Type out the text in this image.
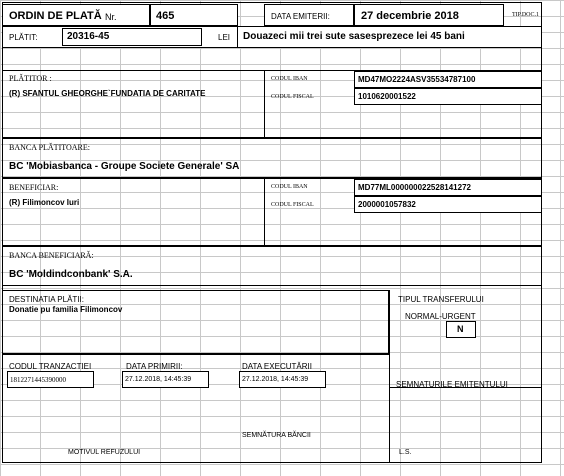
ORDIN DE PLATĂ Nr.	465	DATA EMITERII:	27 decembrie 2018	TIP.DOC.1
PLĂTIT:	20316-45	LEI Douazeci mii trei sute sasesprezece lei 45 bani
PLĂTITOR :
(R) SFANTUL GHEORGHE`FUNDATIA DE CARITATE
CODUL IBAN	MD47MO2224ASV35534787100
CODUL FISCAL	1010620001522
BANCA PLĂTITOARE:
BC 'Mobiasbanca - Groupe Societe Generale' SA
BENEFICIAR:
(R) Filimoncov Iuri
CODUL IBAN	MD77ML000000022528141272
CODUL FISCAL	2000001057832
BANCA BENEFICIARĂ:
BC 'Moldindconbank' S.A.
DESTINATIA PLĂTII:
Donatie pu familia Filimoncov
TIPUL TRANSFERULUI
NORMAL-URGENT
N
CODUL TRANZACTIEI
1812271445390000
DATA PRIMIRII:
27.12.2018, 14:45:39
DATA EXECUTĂRII
27.12.2018, 14:45:39
SEMNATURILE EMITENTULUI
SEMNĂTURA BĂNCII
MOTIVUL REFUZULUI	L.S.
